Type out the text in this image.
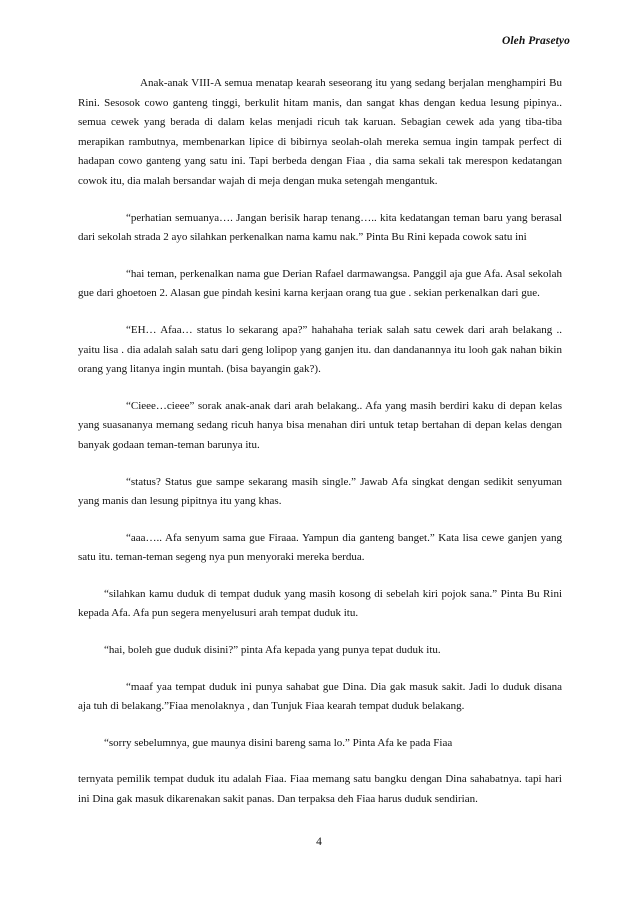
Oleh Prasetyo

Anak-anak VIII-A semua menatap kearah seseorang itu yang sedang berjalan menghampiri Bu Rini. Sesosok cowo ganteng tinggi, berkulit hitam manis, dan sangat khas dengan kedua lesung pipinya.. semua cewek yang berada di dalam kelas menjadi ricuh tak karuan. Sebagian cewek ada yang tiba-tiba merapikan rambutnya, membenarkan lipice di bibirnya seolah-olah mereka semua ingin tampak perfect di hadapan cowo ganteng yang satu ini. Tapi berbeda dengan Fiaa , dia sama sekali tak merespon kedatangan cowok itu, dia malah bersandar wajah di meja dengan muka setengah mengantuk.

“perhatian semuanya…. Jangan berisik harap tenang….. kita kedatangan teman baru yang berasal dari sekolah strada 2 ayo silahkan perkenalkan nama kamu nak.” Pinta Bu Rini kepada cowok satu ini

“hai teman, perkenalkan nama gue Derian Rafael darmawangsa. Panggil aja gue Afa. Asal sekolah gue dari ghoetoen 2. Alasan gue pindah kesini karna kerjaan orang tua gue . sekian perkenalkan dari gue.

“EH… Afaa… status lo sekarang apa?” hahahaha teriak salah satu cewek dari arah belakang .. yaitu lisa . dia adalah salah satu dari geng lolipop yang ganjen itu. dan dandanannya itu looh gak nahan bikin orang yang litanya ingin muntah. (bisa bayangin gak?).

“Cieee…cieee” sorak anak-anak dari arah belakang.. Afa yang masih berdiri kaku di depan kelas yang suasananya memang sedang ricuh hanya bisa menahan diri untuk tetap bertahan di depan kelas dengan banyak godaan teman-teman barunya itu.

“status? Status gue sampe sekarang masih single.” Jawab Afa singkat dengan sedikit senyuman yang manis dan lesung pipitnya itu yang khas.

“aaa….. Afa senyum sama gue Firaaa. Yampun dia ganteng banget.” Kata lisa cewe ganjen yang satu itu. teman-teman segeng nya pun menyoraki mereka berdua.

“silahkan kamu duduk di tempat duduk yang masih kosong di sebelah kiri pojok sana.” Pinta Bu Rini kepada Afa. Afa pun segera menyelusuri arah tempat duduk itu.

“hai, boleh gue duduk disini?” pinta Afa kepada yang punya tepat duduk itu.

“maaf yaa tempat duduk ini punya sahabat gue Dina. Dia gak masuk sakit. Jadi lo duduk disana aja tuh di belakang.”Fiaa menolaknya , dan Tunjuk Fiaa kearah tempat duduk belakang.

“sorry sebelumnya, gue maunya disini bareng sama lo.” Pinta Afa ke pada Fiaa

ternyata pemilik tempat duduk itu adalah Fiaa. Fiaa memang satu bangku dengan Dina sahabatnya. tapi hari ini Dina gak masuk dikarenakan sakit panas. Dan terpaksa deh Fiaa harus duduk sendirian.

4
